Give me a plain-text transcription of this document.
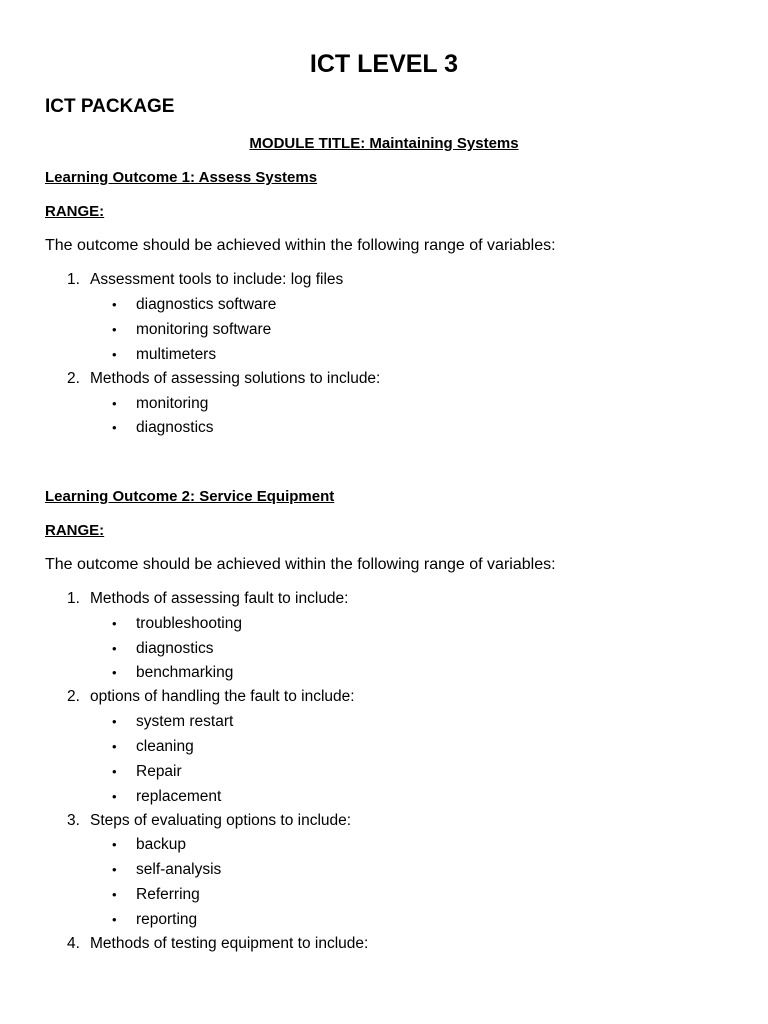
ICT LEVEL 3
ICT PACKAGE
MODULE TITLE: Maintaining Systems
Learning Outcome 1: Assess Systems
RANGE:
The outcome should be achieved within the following range of variables:
1. Assessment tools to include: log files
• diagnostics software
• monitoring software
• multimeters
2. Methods of assessing solutions to include:
• monitoring
• diagnostics
Learning Outcome 2: Service Equipment
RANGE:
The outcome should be achieved within the following range of variables:
1. Methods of assessing fault to include:
• troubleshooting
• diagnostics
• benchmarking
2. options of handling the fault to include:
• system restart
• cleaning
• Repair
• replacement
3. Steps of evaluating options to include:
• backup
• self-analysis
• Referring
• reporting
4. Methods of testing equipment to include:
